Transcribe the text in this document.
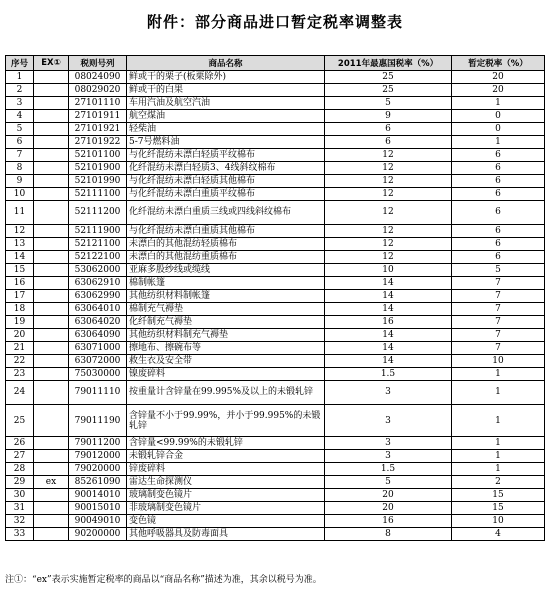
附件：部分商品进口暂定税率调整表
序号	EX①	税则号列	商品名称	2011年最惠国税率（%）	暂定税率（%）
1		08024090	鲜或干的栗子(板栗除外)	25	20
2		08029020	鲜或干的白果	25	20
3		27101110	车用汽油及航空汽油	5	1
4		27101911	航空煤油	9	0
5		27101921	轻柴油	6	0
6		27101922	5-7号燃料油	6	1
7		52101100	与化纤混纺未漂白轻质平纹棉布	12	6
8		52101900	化纤混纺未漂白轻质3、4线斜纹棉布	12	6
9		52101990	与化纤混纺未漂白轻质其他棉布	12	6
10		52111100	与化纤混纺未漂白重质平纹棉布	12	6
11		52111200	化纤混纺未漂白重质三线或四线斜纹棉布	12	6
12		52111900	与化纤混纺未漂白重质其他棉布	12	6
13		52121100	未漂白的其他混纺轻质棉布	12	6
14		52122100	未漂白的其他混纺重质棉布	12	6
15		53062000	亚麻多股纱线或缆线	10	5
16		63062910	棉制帐篷	14	7
17		63062990	其他纺织材料制帐篷	14	7
18		63064010	棉制充气褥垫	14	7
19		63064020	化纤制充气褥垫	16	7
20		63064090	其他纺织材料制充气褥垫	14	7
21		63071000	擦地布、擦碗布等	14	7
22		63072000	救生衣及安全带	14	10
23		75030000	镍废碎料	1.5	1
24		79011110	按重量计含锌量在99.995%及以上的未锻轧锌	3	1
25		79011190	含锌量不小于99.99%，并小于99.995%的未锻轧锌	3	1
26		79011200	含锌量<99.99%的未锻轧锌	3	1
27		79012000	未锻轧锌合金	3	1
28		79020000	锌废碎料	1.5	1
29	ex	85261090	雷达生命探测仪	5	2
30		90014010	玻璃制变色镜片	20	15
31		90015010	非玻璃制变色镜片	20	15
32		90049010	变色镜	16	10
33		90200000	其他呼吸器具及防毒面具	8	4
注①：“ex”表示实施暂定税率的商品以“商品名称”描述为准，其余以税号为准。
